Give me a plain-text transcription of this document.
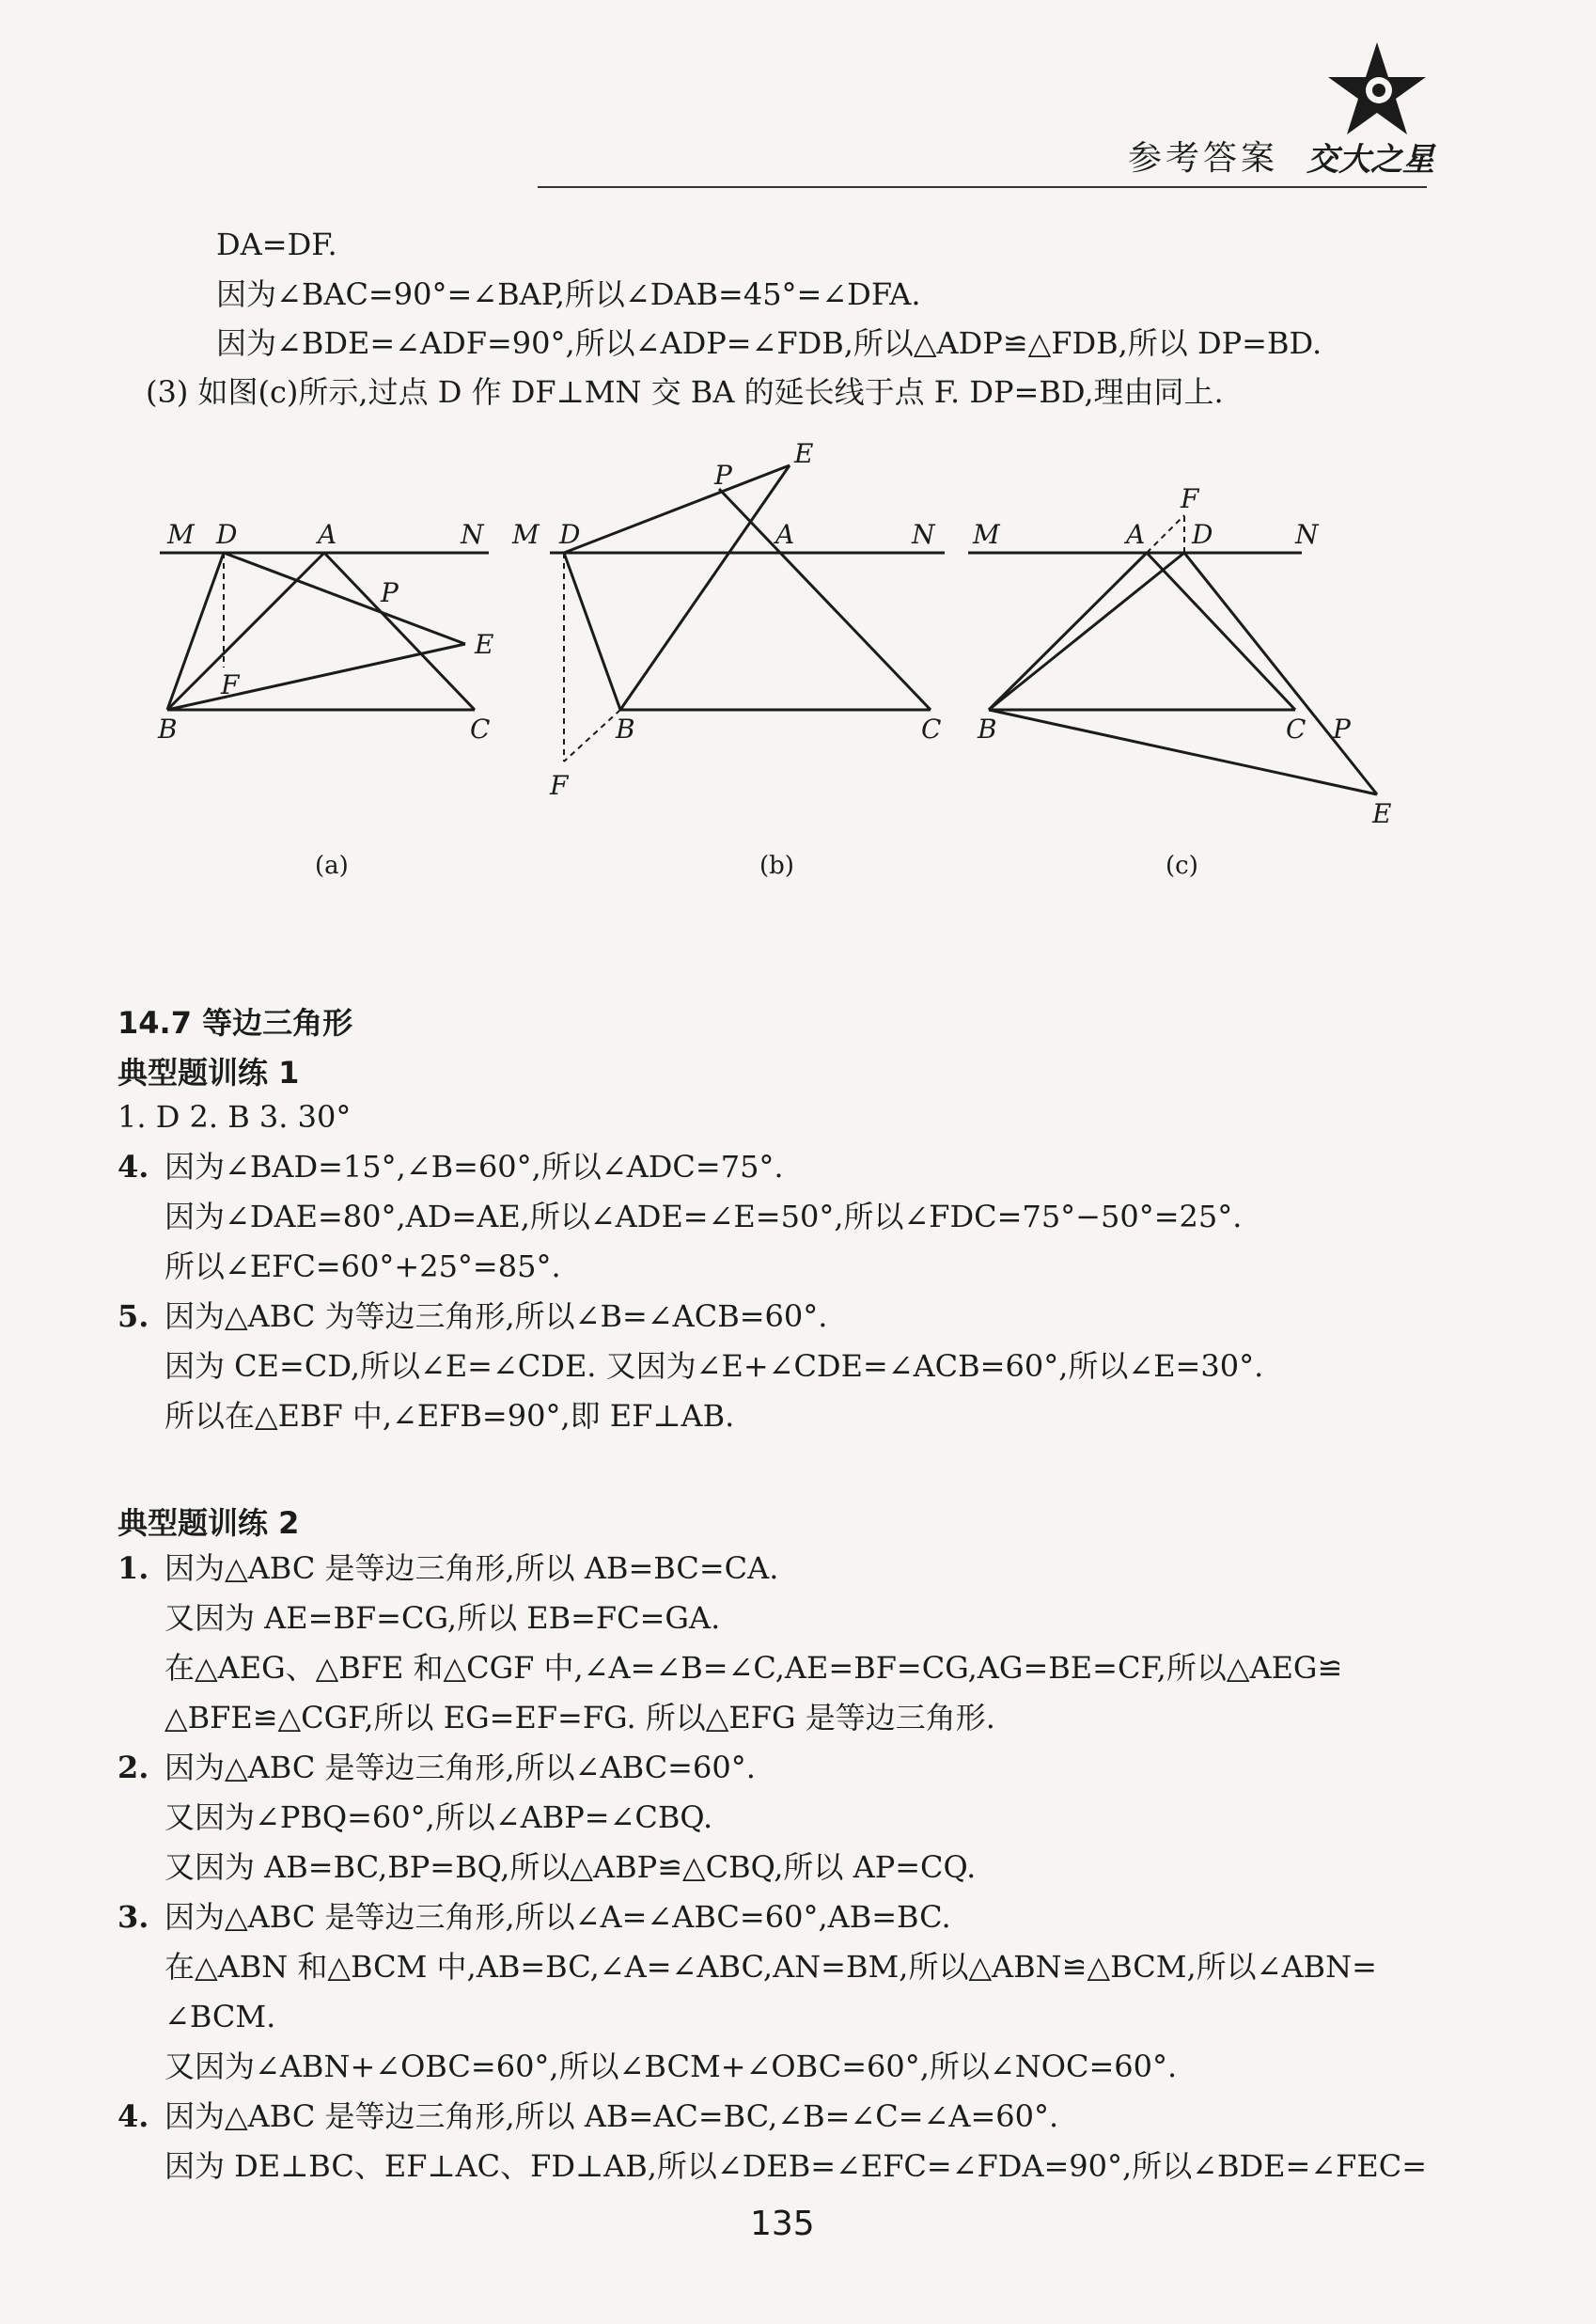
参考答案 交大之星
DA=DF.
因为∠BAC=90°=∠BAP,所以∠DAB=45°=∠DFA.
因为∠BDE=∠ADF=90°,所以∠ADP=∠FDB,所以△ADP≌△FDB,所以 DP=BD.
(3) 如图(c)所示,过点 D 作 DF⊥MN 交 BA 的延长线于点 F. DP=BD,理由同上.
M D	A	N
P
E
F
B	C
(a)
P
E
M D	A	N
B	C
F
(b)
F
M	A D	N
B	C P
E
(c)
14.7 等边三角形
典型题训练 1
1. D 2. B 3. 30°
4. 因为∠BAD=15°,∠B=60°,所以∠ADC=75°.
因为∠DAE=80°,AD=AE,所以∠ADE=∠E=50°,所以∠FDC=75°−50°=25°.
所以∠EFC=60°+25°=85°.
5. 因为△ABC 为等边三角形,所以∠B=∠ACB=60°.
因为 CE=CD,所以∠E=∠CDE. 又因为∠E+∠CDE=∠ACB=60°,所以∠E=30°.
所以在△EBF 中,∠EFB=90°,即 EF⊥AB.
典型题训练 2
1. 因为△ABC 是等边三角形,所以 AB=BC=CA.
又因为 AE=BF=CG,所以 EB=FC=GA.
在△AEG、△BFE 和△CGF 中,∠A=∠B=∠C,AE=BF=CG,AG=BE=CF,所以△AEG≌
△BFE≌△CGF,所以 EG=EF=FG. 所以△EFG 是等边三角形.
2. 因为△ABC 是等边三角形,所以∠ABC=60°.
又因为∠PBQ=60°,所以∠ABP=∠CBQ.
又因为 AB=BC,BP=BQ,所以△ABP≌△CBQ,所以 AP=CQ.
3. 因为△ABC 是等边三角形,所以∠A=∠ABC=60°,AB=BC.
在△ABN 和△BCM 中,AB=BC,∠A=∠ABC,AN=BM,所以△ABN≌△BCM,所以∠ABN=
∠BCM.
又因为∠ABN+∠OBC=60°,所以∠BCM+∠OBC=60°,所以∠NOC=60°.
4. 因为△ABC 是等边三角形,所以 AB=AC=BC,∠B=∠C=∠A=60°.
因为 DE⊥BC、EF⊥AC、FD⊥AB,所以∠DEB=∠EFC=∠FDA=90°,所以∠BDE=∠FEC=
135
